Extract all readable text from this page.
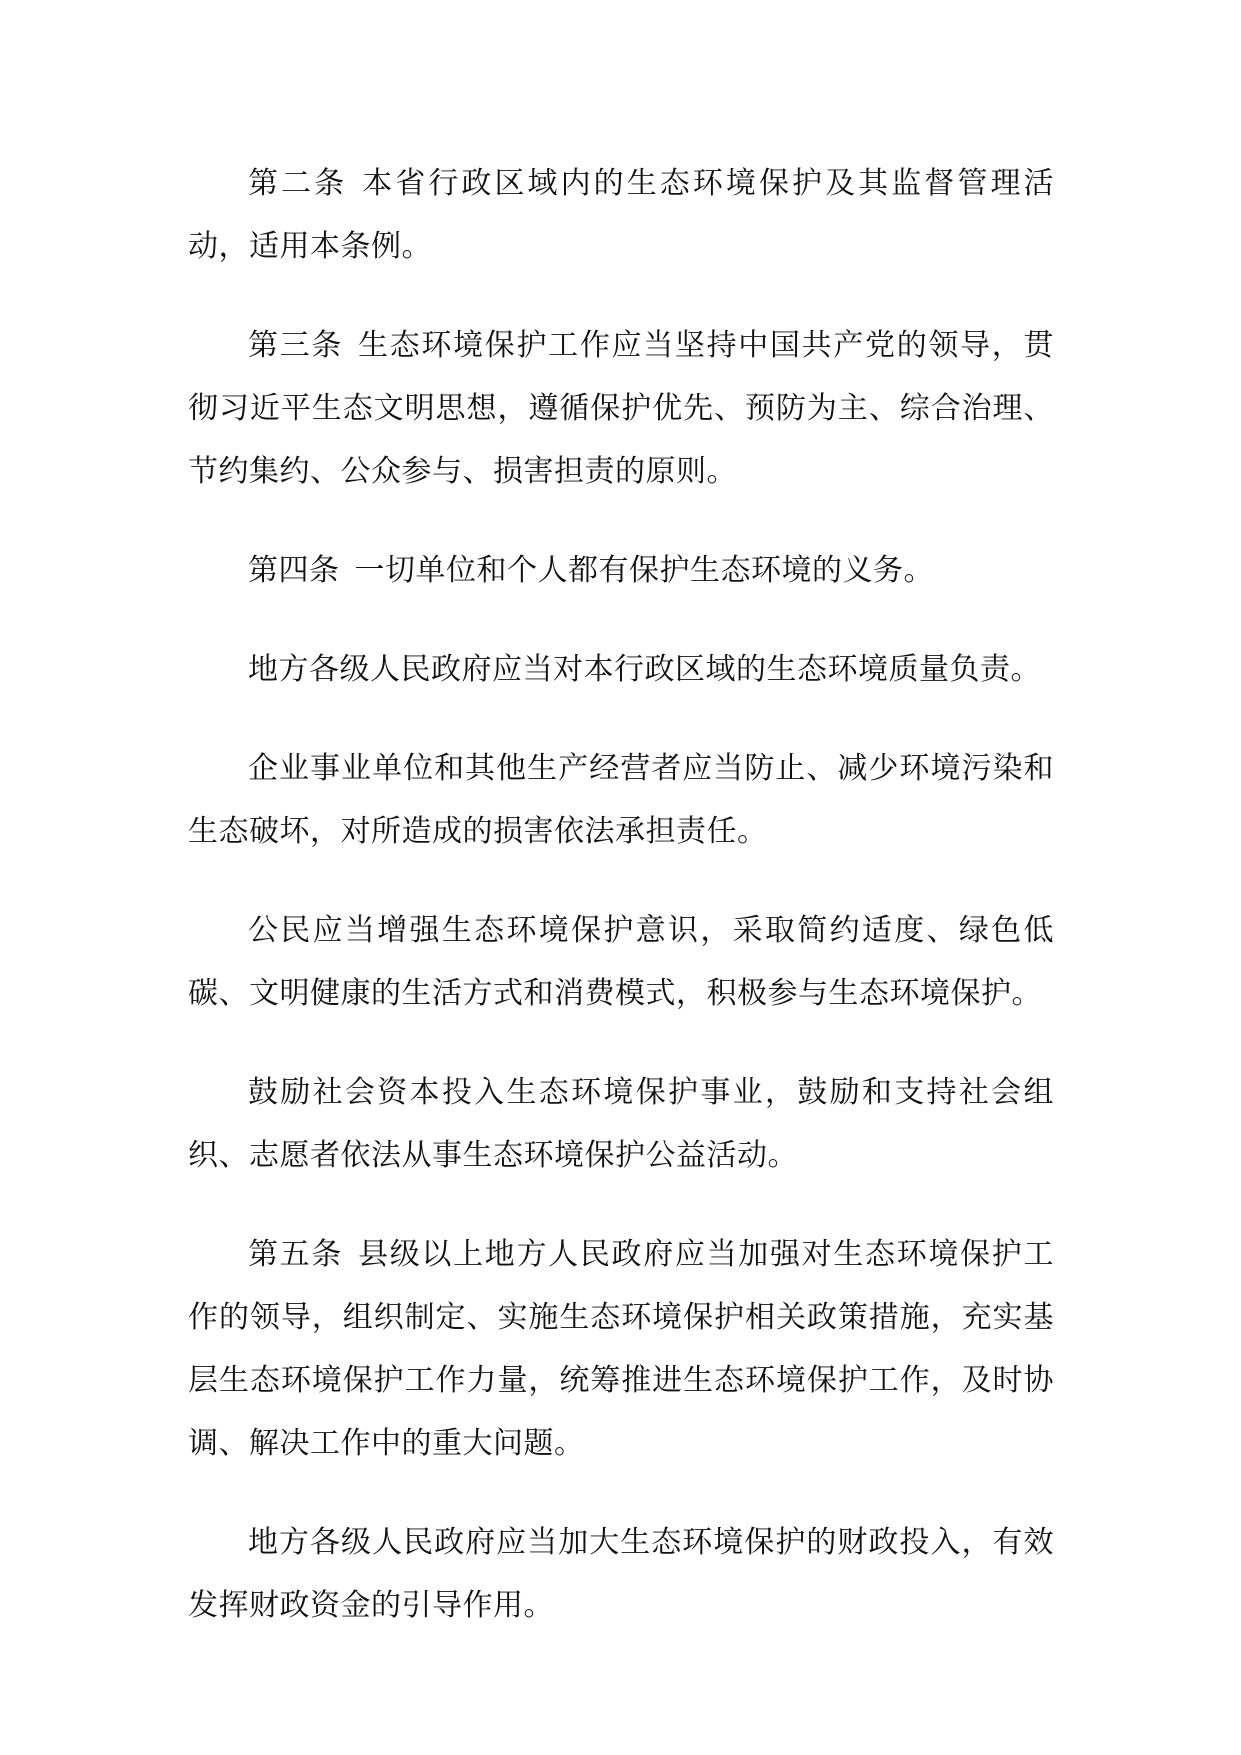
第二条 本省行政区域内的生态环境保护及其监督管理活动，适用本条例。

第三条 生态环境保护工作应当坚持中国共产党的领导，贯彻习近平生态文明思想，遵循保护优先、预防为主、综合治理、节约集约、公众参与、损害担责的原则。

第四条 一切单位和个人都有保护生态环境的义务。

地方各级人民政府应当对本行政区域的生态环境质量负责。

企业事业单位和其他生产经营者应当防止、减少环境污染和生态破坏，对所造成的损害依法承担责任。

公民应当增强生态环境保护意识，采取简约适度、绿色低碳、文明健康的生活方式和消费模式，积极参与生态环境保护。

鼓励社会资本投入生态环境保护事业，鼓励和支持社会组织、志愿者依法从事生态环境保护公益活动。

第五条 县级以上地方人民政府应当加强对生态环境保护工作的领导，组织制定、实施生态环境保护相关政策措施，充实基层生态环境保护工作力量，统筹推进生态环境保护工作，及时协调、解决工作中的重大问题。

地方各级人民政府应当加大生态环境保护的财政投入，有效发挥财政资金的引导作用。
